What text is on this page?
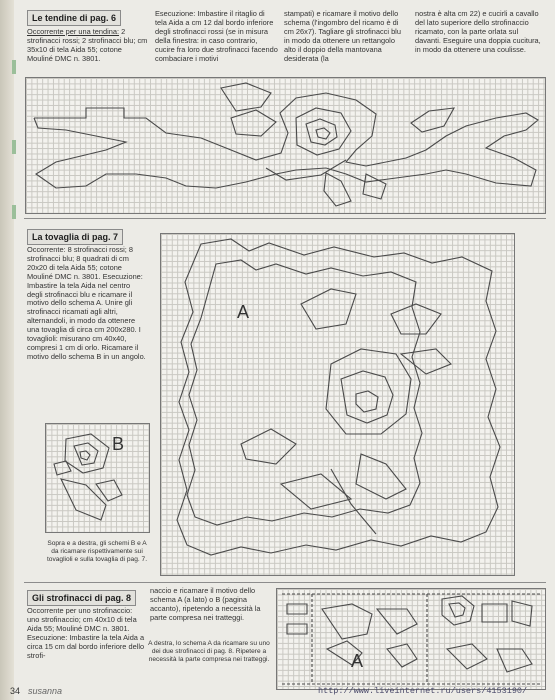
Le tendine di pag. 6
Occorrente per una tendina: 2 strofinacci rossi; 2 strofinacci blu; cm 35x10 di tela Aida 55; cotone Mouliné DMC n. 3801.
Esecuzione: Imbastire il ritaglio di tela Aida a cm 12 dal bordo inferiore degli strofinacci rossi (se in misura della finestra: in caso contrario, cucire fra loro due strofinacci facendo combaciare i motivi
stampati) e ricamare il motivo dello schema (l'ingombro del ricamo è di cm 26x7). Tagliare gli strofinacci blu in modo da ottenere un rettangolo alto il doppio della mantovana desiderata (la
nostra è alta cm 22) e cucirli a cavallo del lato superiore dello strofinaccio ricamato, con la parte orlata sul davanti. Eseguire una doppia cucitura, in modo da ottenere una coulisse.
La tovaglia di pag. 7
Occorrente: 8 strofinacci rossi; 8 strofinacci blu; 8 quadrati di cm 20x20 di tela Aida 55; cotone Mouliné DMC n. 3801. Esecuzione: Imbastire la tela Aida nel centro degli strofinacci blu e ricamare il motivo dello schema A. Unire gli strofinacci ricamati agli altri, alternandoli, in modo da ottenere una tovaglia di circa cm 200x280. I tovaglioli: misurano cm 40x40, compresi 1 cm di orlo. Ricamare il motivo dello schema B in un angolo.
B
Sopra e a destra, gli schemi B e A da ricamare rispettivamente sui tovaglioli e sulla tovaglia di pag. 7.
A
Gli strofinacci di pag. 8
Occorrente per uno strofinaccio: uno strofinaccio; cm 40x10 di tela Aida 55; Mouliné DMC n. 3801. Esecuzione: Imbastire la tela Aida a circa 15 cm dal bordo inferiore dello strofi-
naccio e ricamare il motivo dello schema A (a lato) o B (pagina accanto), ripetendo a necessità la parte compresa nei tratteggi.
A destra, lo schema A da ricamare su uno dei due strofinacci di pag. 8. Ripetere a necessità la parte compresa nei tratteggi.	A
34 susanna	http://www.liveinternet.ru/users/4153190/
